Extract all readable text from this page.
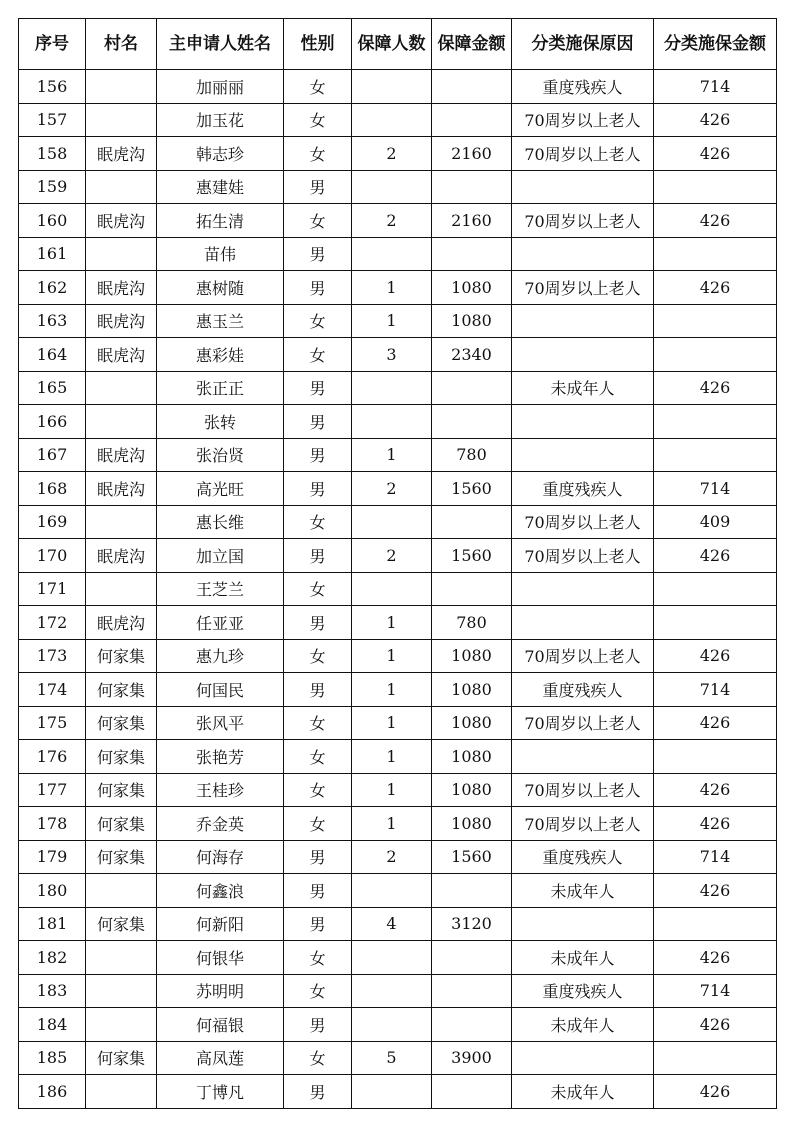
序号	村名	主申请人姓名	性别	保障人数	保障金额	分类施保原因	分类施保金额
156		加丽丽	女			重度残疾人	714
157		加玉花	女			70周岁以上老人	426
158	眠虎沟	韩志珍	女	2	2160	70周岁以上老人	426
159		惠建娃	男				
160	眠虎沟	拓生清	女	2	2160	70周岁以上老人	426
161		苗伟	男				
162	眠虎沟	惠树随	男	1	1080	70周岁以上老人	426
163	眠虎沟	惠玉兰	女	1	1080		
164	眠虎沟	惠彩娃	女	3	2340		
165		张正正	男			未成年人	426
166		张转	男				
167	眠虎沟	张治贤	男	1	780		
168	眠虎沟	高光旺	男	2	1560	重度残疾人	714
169		惠长维	女			70周岁以上老人	409
170	眠虎沟	加立国	男	2	1560	70周岁以上老人	426
171		王芝兰	女				
172	眠虎沟	任亚亚	男	1	780		
173	何家集	惠九珍	女	1	1080	70周岁以上老人	426
174	何家集	何国民	男	1	1080	重度残疾人	714
175	何家集	张风平	女	1	1080	70周岁以上老人	426
176	何家集	张艳芳	女	1	1080		
177	何家集	王桂珍	女	1	1080	70周岁以上老人	426
178	何家集	乔金英	女	1	1080	70周岁以上老人	426
179	何家集	何海存	男	2	1560	重度残疾人	714
180		何鑫浪	男			未成年人	426
181	何家集	何新阳	男	4	3120		
182		何银华	女			未成年人	426
183		苏明明	女			重度残疾人	714
184		何福银	男			未成年人	426
185	何家集	高凤莲	女	5	3900		
186		丁博凡	男			未成年人	426
